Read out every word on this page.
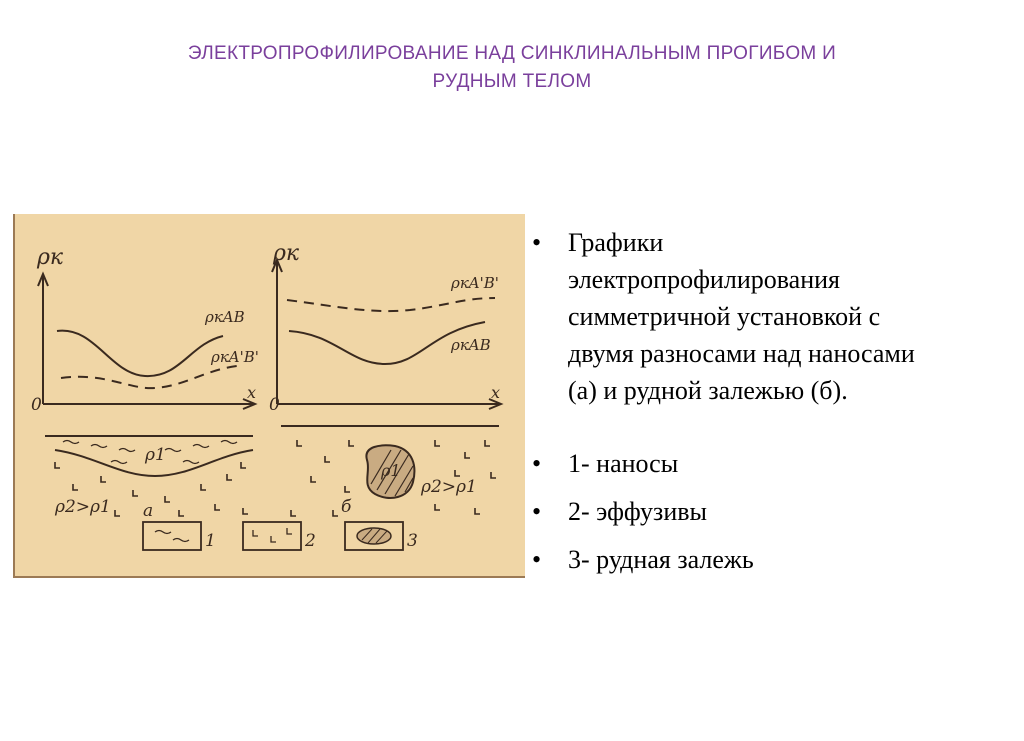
ЭЛЕКТРОПРОФИЛИРОВАНИЕ НАД СИНКЛИНАЛЬНЫМ ПРОГИБОМ И
РУДНЫМ ТЕЛОМ
ρк
x
0
ρкAB
ρкA'B'
ρ1
ρ2>ρ1 а
ρк
x
0
ρкA'B'
ρкAB
ρ1
ρ2>ρ1
б
1	2	3
• Графики электропрофилирования симметричной установкой с двумя разносами над наносами (а) и рудной залежью (б).
• 1- наносы
• 2- эффузивы
• 3- рудная залежь
